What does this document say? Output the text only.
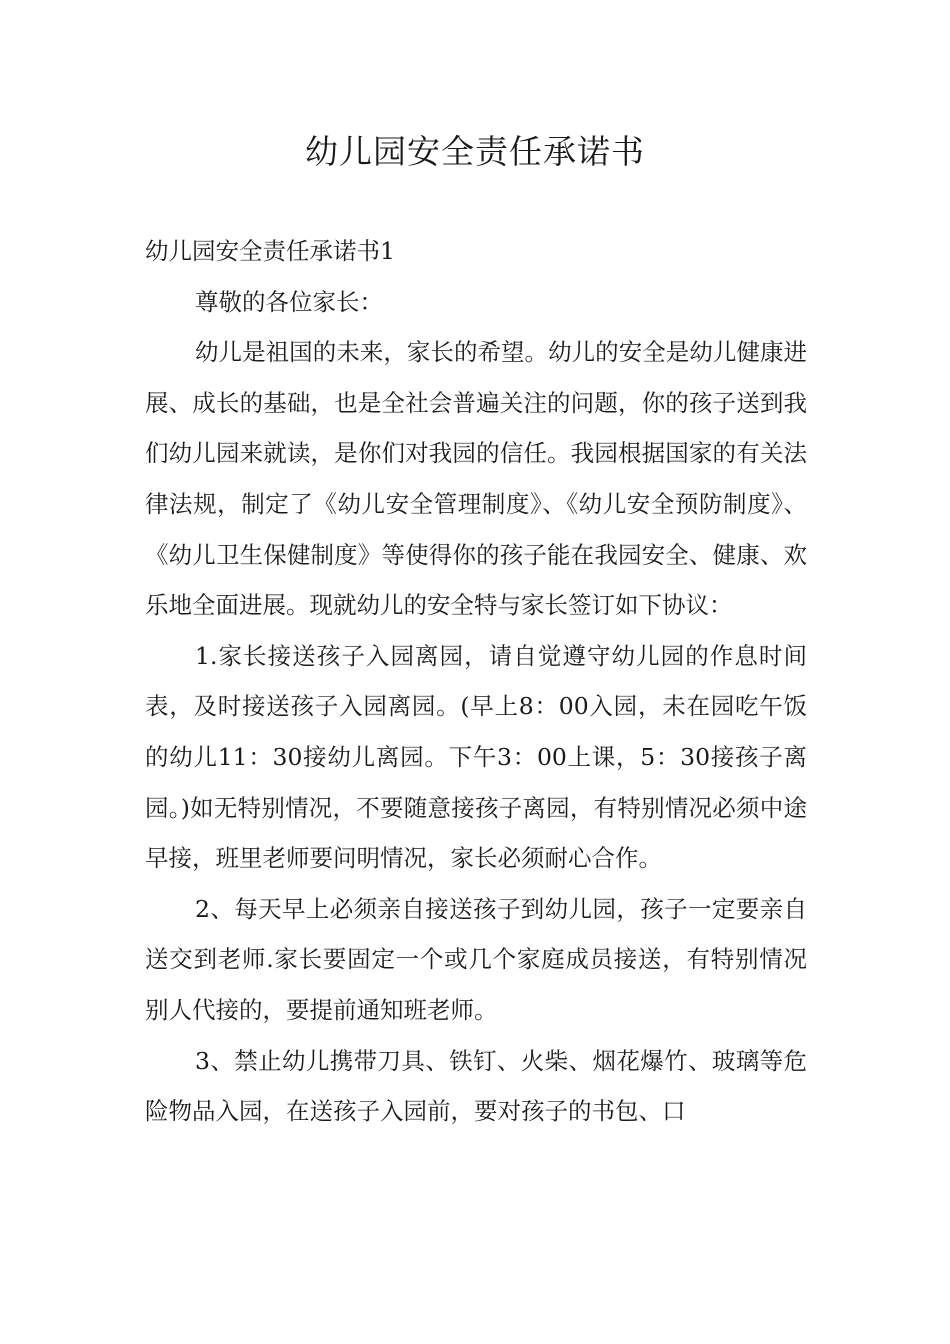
幼儿园安全责任承诺书

幼儿园安全责任承诺书1

尊敬的各位家长：

幼儿是祖国的未来，家长的希望。幼儿的安全是幼儿健康进展、成长的基础，也是全社会普遍关注的问题，你的孩子送到我们幼儿园来就读，是你们对我园的信任。我园根据国家的有关法律法规，制定了《幼儿安全管理制度》、《幼儿安全预防制度》、《幼儿卫生保健制度》等使得你的孩子能在我园安全、健康、欢乐地全面进展。现就幼儿的安全特与家长签订如下协议：

1.家长接送孩子入园离园，请自觉遵守幼儿园的作息时间表，及时接送孩子入园离园。(早上8：00入园，未在园吃午饭的幼儿11：30接幼儿离园。下午3：00上课，5：30接孩子离园。)如无特别情况，不要随意接孩子离园，有特别情况必须中途早接，班里老师要问明情况，家长必须耐心合作。

2、每天早上必须亲自接送孩子到幼儿园，孩子一定要亲自送交到老师.家长要固定一个或几个家庭成员接送，有特别情况别人代接的，要提前通知班老师。

3、禁止幼儿携带刀具、铁钉、火柴、烟花爆竹、玻璃等危险物品入园，在送孩子入园前，要对孩子的书包、口
